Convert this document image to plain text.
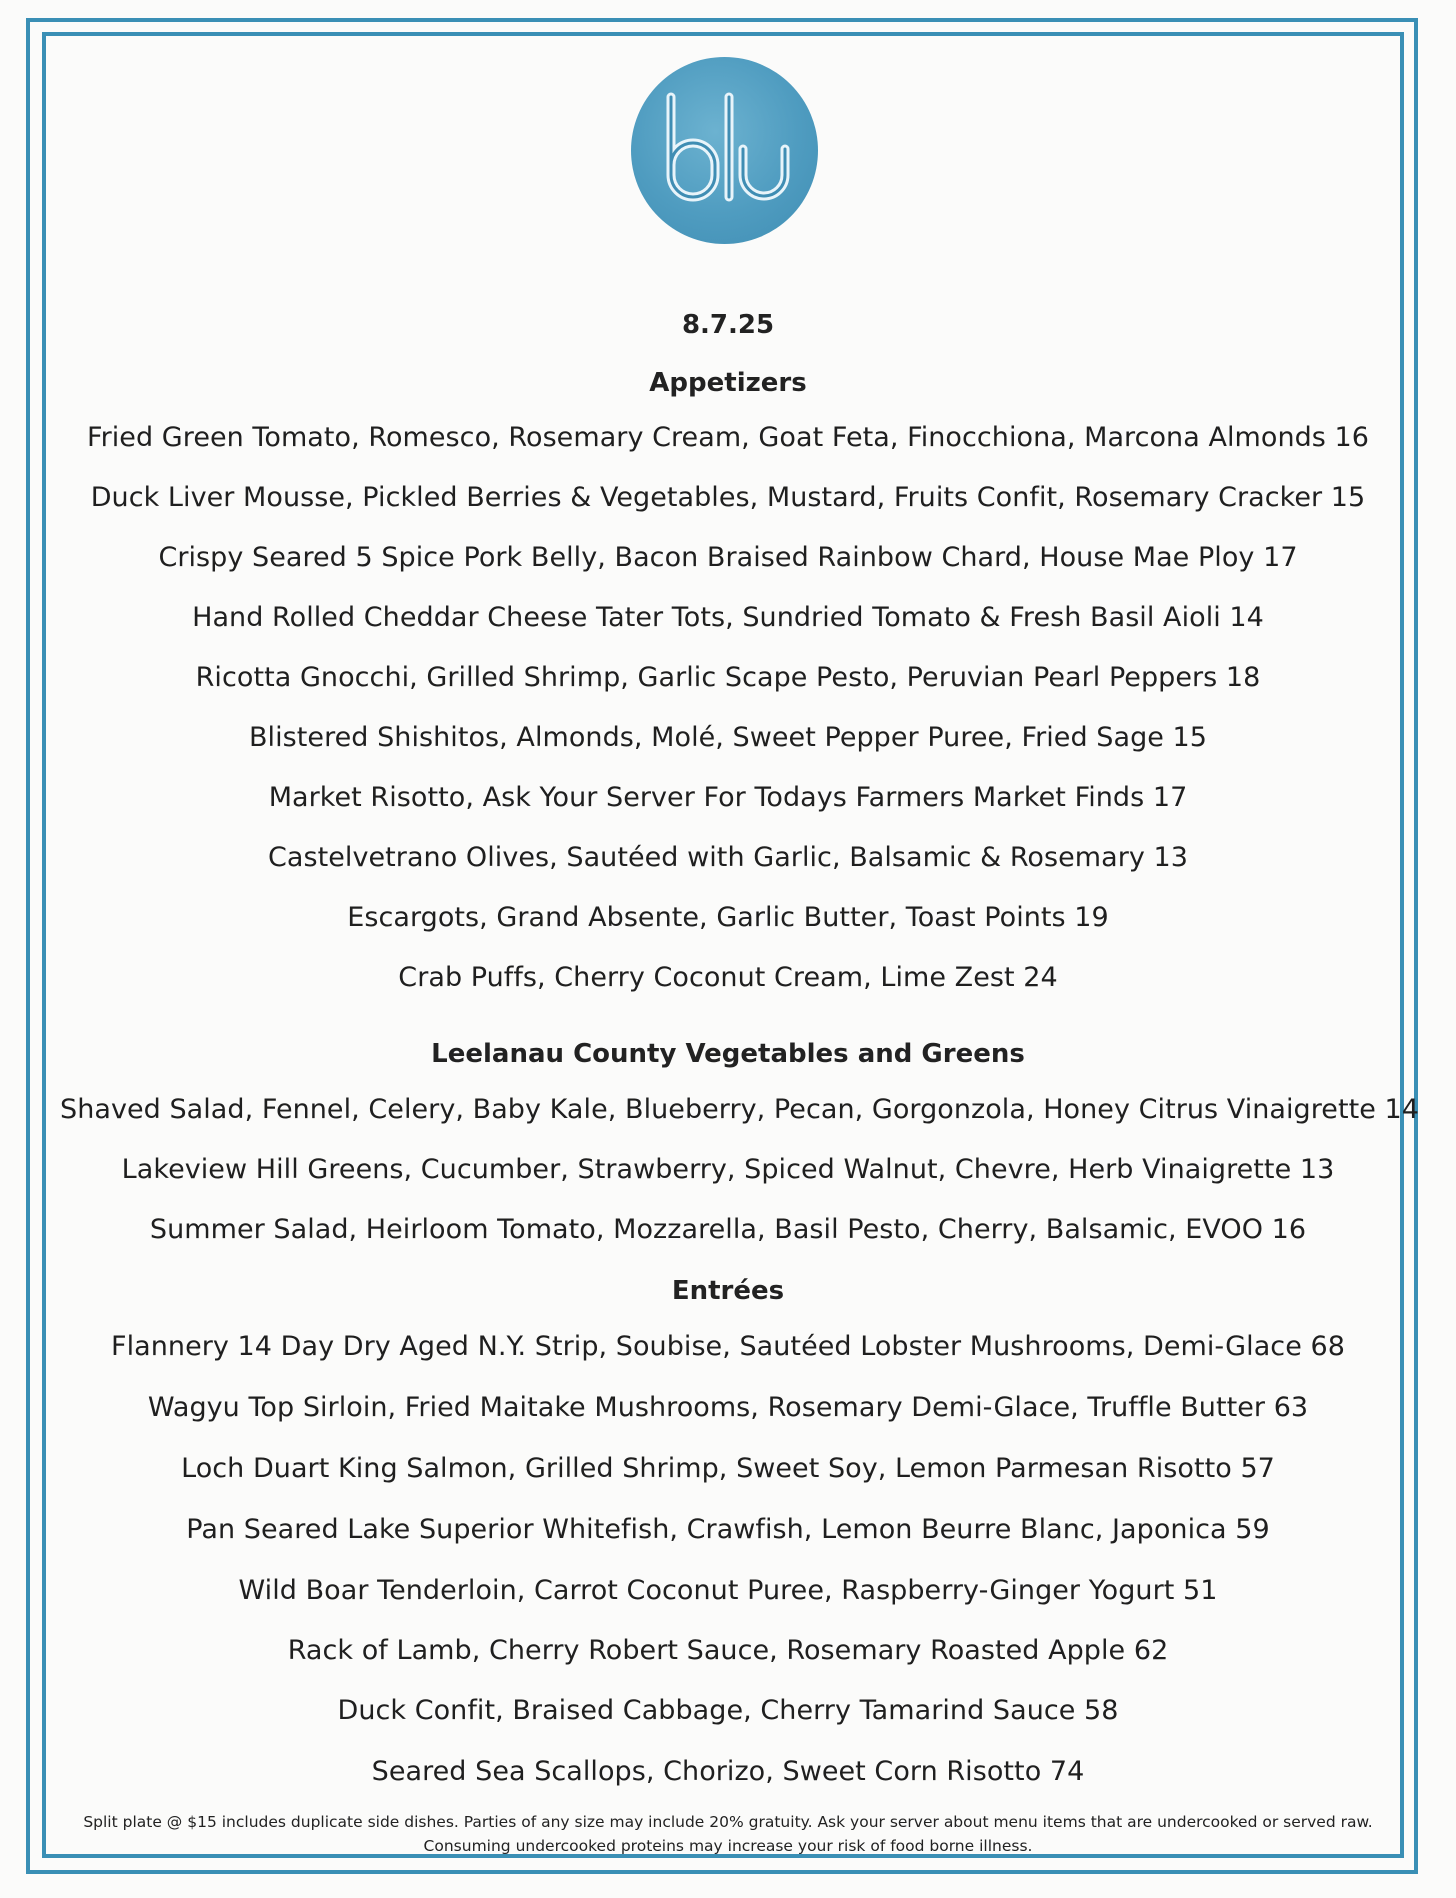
8.7.25
Appetizers
Fried Green Tomato, Romesco, Rosemary Cream, Goat Feta, Finocchiona, Marcona Almonds 16
Duck Liver Mousse, Pickled Berries & Vegetables, Mustard, Fruits Confit, Rosemary Cracker 15
Crispy Seared 5 Spice Pork Belly, Bacon Braised Rainbow Chard, House Mae Ploy 17
Hand Rolled Cheddar Cheese Tater Tots, Sundried Tomato & Fresh Basil Aioli 14
Ricotta Gnocchi, Grilled Shrimp, Garlic Scape Pesto, Peruvian Pearl Peppers 18
Blistered Shishitos, Almonds, Molé, Sweet Pepper Puree, Fried Sage 15
Market Risotto, Ask Your Server For Todays Farmers Market Finds 17
Castelvetrano Olives, Sautéed with Garlic, Balsamic & Rosemary 13
Escargots, Grand Absente, Garlic Butter, Toast Points 19
Crab Puffs, Cherry Coconut Cream, Lime Zest 24
Leelanau County Vegetables and Greens
Shaved Salad, Fennel, Celery, Baby Kale, Blueberry, Pecan, Gorgonzola, Honey Citrus Vinaigrette 14
Lakeview Hill Greens, Cucumber, Strawberry, Spiced Walnut, Chevre, Herb Vinaigrette 13
Summer Salad, Heirloom Tomato, Mozzarella, Basil Pesto, Cherry, Balsamic, EVOO 16
Entrées
Flannery 14 Day Dry Aged N.Y. Strip, Soubise, Sautéed Lobster Mushrooms, Demi-Glace 68
Wagyu Top Sirloin, Fried Maitake Mushrooms, Rosemary Demi-Glace, Truffle Butter 63
Loch Duart King Salmon, Grilled Shrimp, Sweet Soy, Lemon Parmesan Risotto 57
Pan Seared Lake Superior Whitefish, Crawfish, Lemon Beurre Blanc, Japonica 59
Wild Boar Tenderloin, Carrot Coconut Puree, Raspberry-Ginger Yogurt 51
Rack of Lamb, Cherry Robert Sauce, Rosemary Roasted Apple 62
Duck Confit, Braised Cabbage, Cherry Tamarind Sauce 58
Seared Sea Scallops, Chorizo, Sweet Corn Risotto 74
Split plate @ $15 includes duplicate side dishes. Parties of any size may include 20% gratuity. Ask your server about menu items that are undercooked or served raw.
Consuming undercooked proteins may increase your risk of food borne illness.
